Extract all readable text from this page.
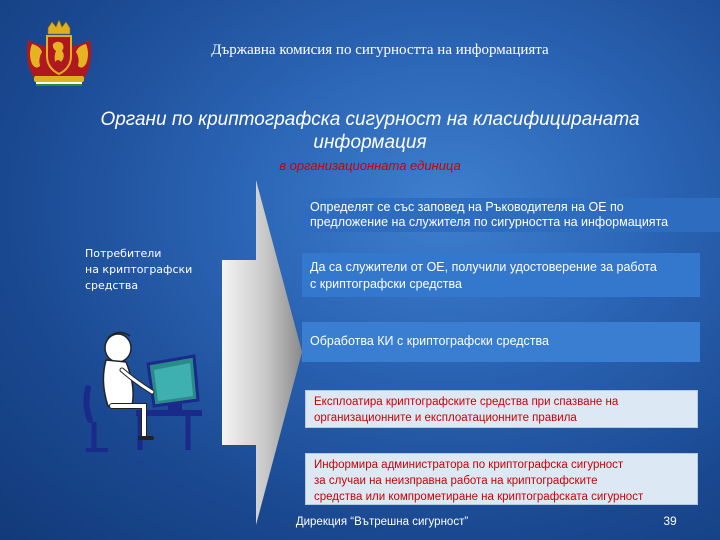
Държавна комисия по сигурността на информацията
Органи по криптографска сигурност на класифицираната
информация
в организационната единица
Потребители
на криптографски
средства
Определят се със заповед на Ръководителя на ОЕ по
предложение на служителя по сигурността на информацията
Да са служители от ОЕ, получили удостоверение за работа
с криптографски средства
Обработва КИ с криптографски средства
Експлоатира криптографските средства при спазване на
организационните и експлоатационните правила
Информира администратора по криптографска сигурност
за случаи на неизправна работа на криптографските
средства или компрометиране на криптографската сигурност
Дирекция “Вътрешна сигурност”	39
